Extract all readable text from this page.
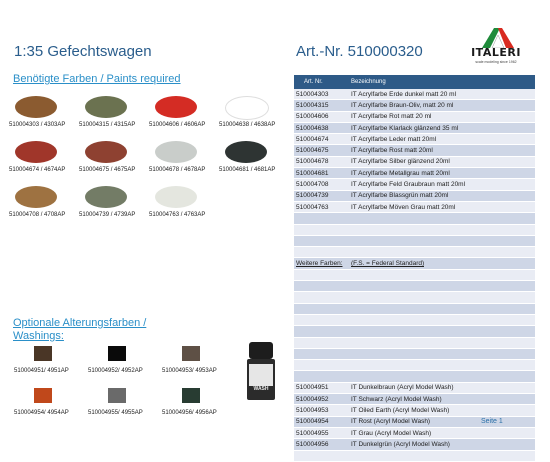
1:35 Gefechtswagen	Art.-Nr. 510000320	ITALERI
scale modeling since 1962
Benötigte Farben / Paints required
510004303 / 4303AP 510004315 / 4315AP 510004606 / 4606AP 510004638 / 4638AP
510004674 / 4674AP 510004675 / 4675AP 510004678 / 4678AP 510004681 / 4681AP
510004708 / 4708AP 510004739 / 4739AP 510004763 / 4763AP
Optionale Alterungsfarben / Washings:
510004951/ 4951AP	510004952/ 4952AP	510004953/ 4953AP
510004954/ 4954AP	510004955/ 4955AP	510004956/ 4956AP
WASH
Art. Nr.	Bezeichnung
510004303	IT Acrylfarbe Erde dunkel matt 20 ml
510004315	IT Acrylfarbe Braun-Oliv, matt 20 ml
510004606	IT Acrylfarbe Rot matt 20 ml
510004638	IT Acrylfarbe Klarlack glänzend 35 ml
510004674	IT Acrylfarbe Leder matt 20ml
510004675	IT Acrylfarbe Rost matt 20ml
510004678	IT Acrylfarbe Silber glänzend 20ml
510004681	IT Acrylfarbe Metallgrau matt 20ml
510004708	IT Acrylfarbe Feld Graubraun matt 20ml
510004739	IT Acrylfarbe Blassgrün matt 20ml
510004763	IT Acrylfarbe Möven Grau matt 20ml
Weitere Farben:	(F.S. = Federal Standard)
510004951	IT Dunkelbraun (Acryl Model Wash)
510004952	IT Schwarz (Acryl Model Wash)
510004953	IT Oiled Earth (Acryl Model Wash)
510004954	IT Rost (Acryl Model Wash)
510004955	IT Grau (Acryl Model Wash)
510004956	IT Dunkelgrün (Acryl Model Wash)
Seite 1
